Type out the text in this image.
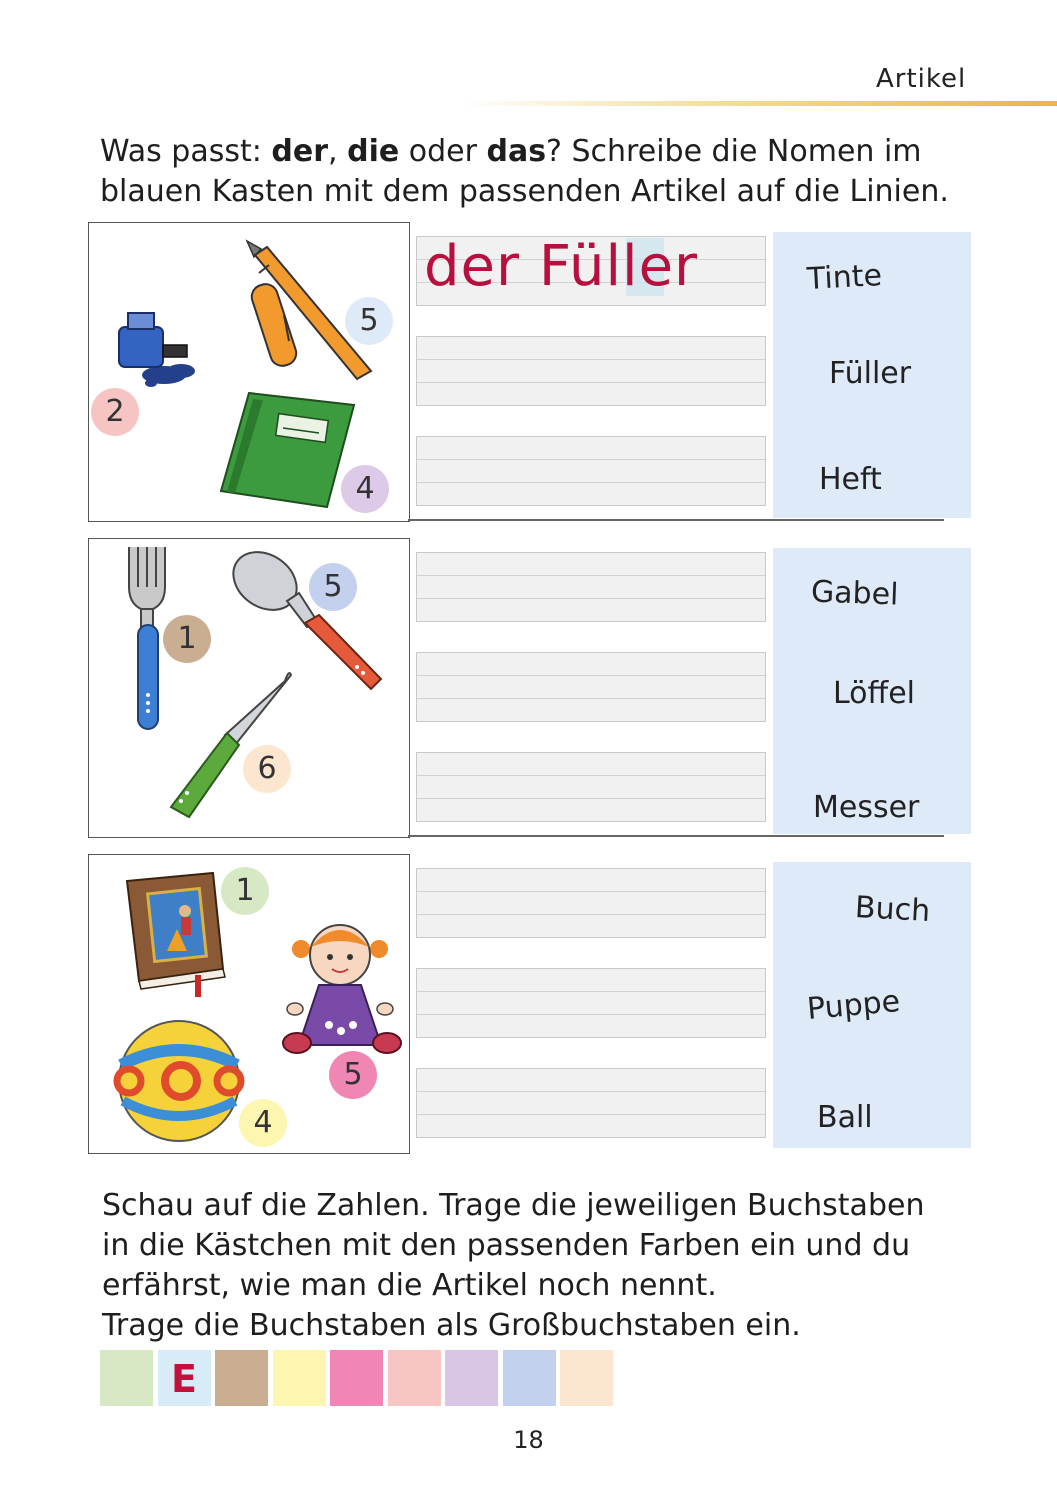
Artikel

Was passt: der, die oder das? Schreibe die Nomen im

blauen Kasten mit dem passenden Artikel auf die Linien.

5
2
4
der Füller	Tinte
Füller
Heft
5
1
6
Gabel
Löffel
Messer
1
5
4
Buch
Puppe
Ball

Schau auf die Zahlen. Trage die jeweiligen Buchstaben

in die Kästchen mit den passenden Farben ein und du

erfährst, wie man die Artikel noch nennt.

Trage die Buchstaben als Großbuchstaben ein.

E
18
